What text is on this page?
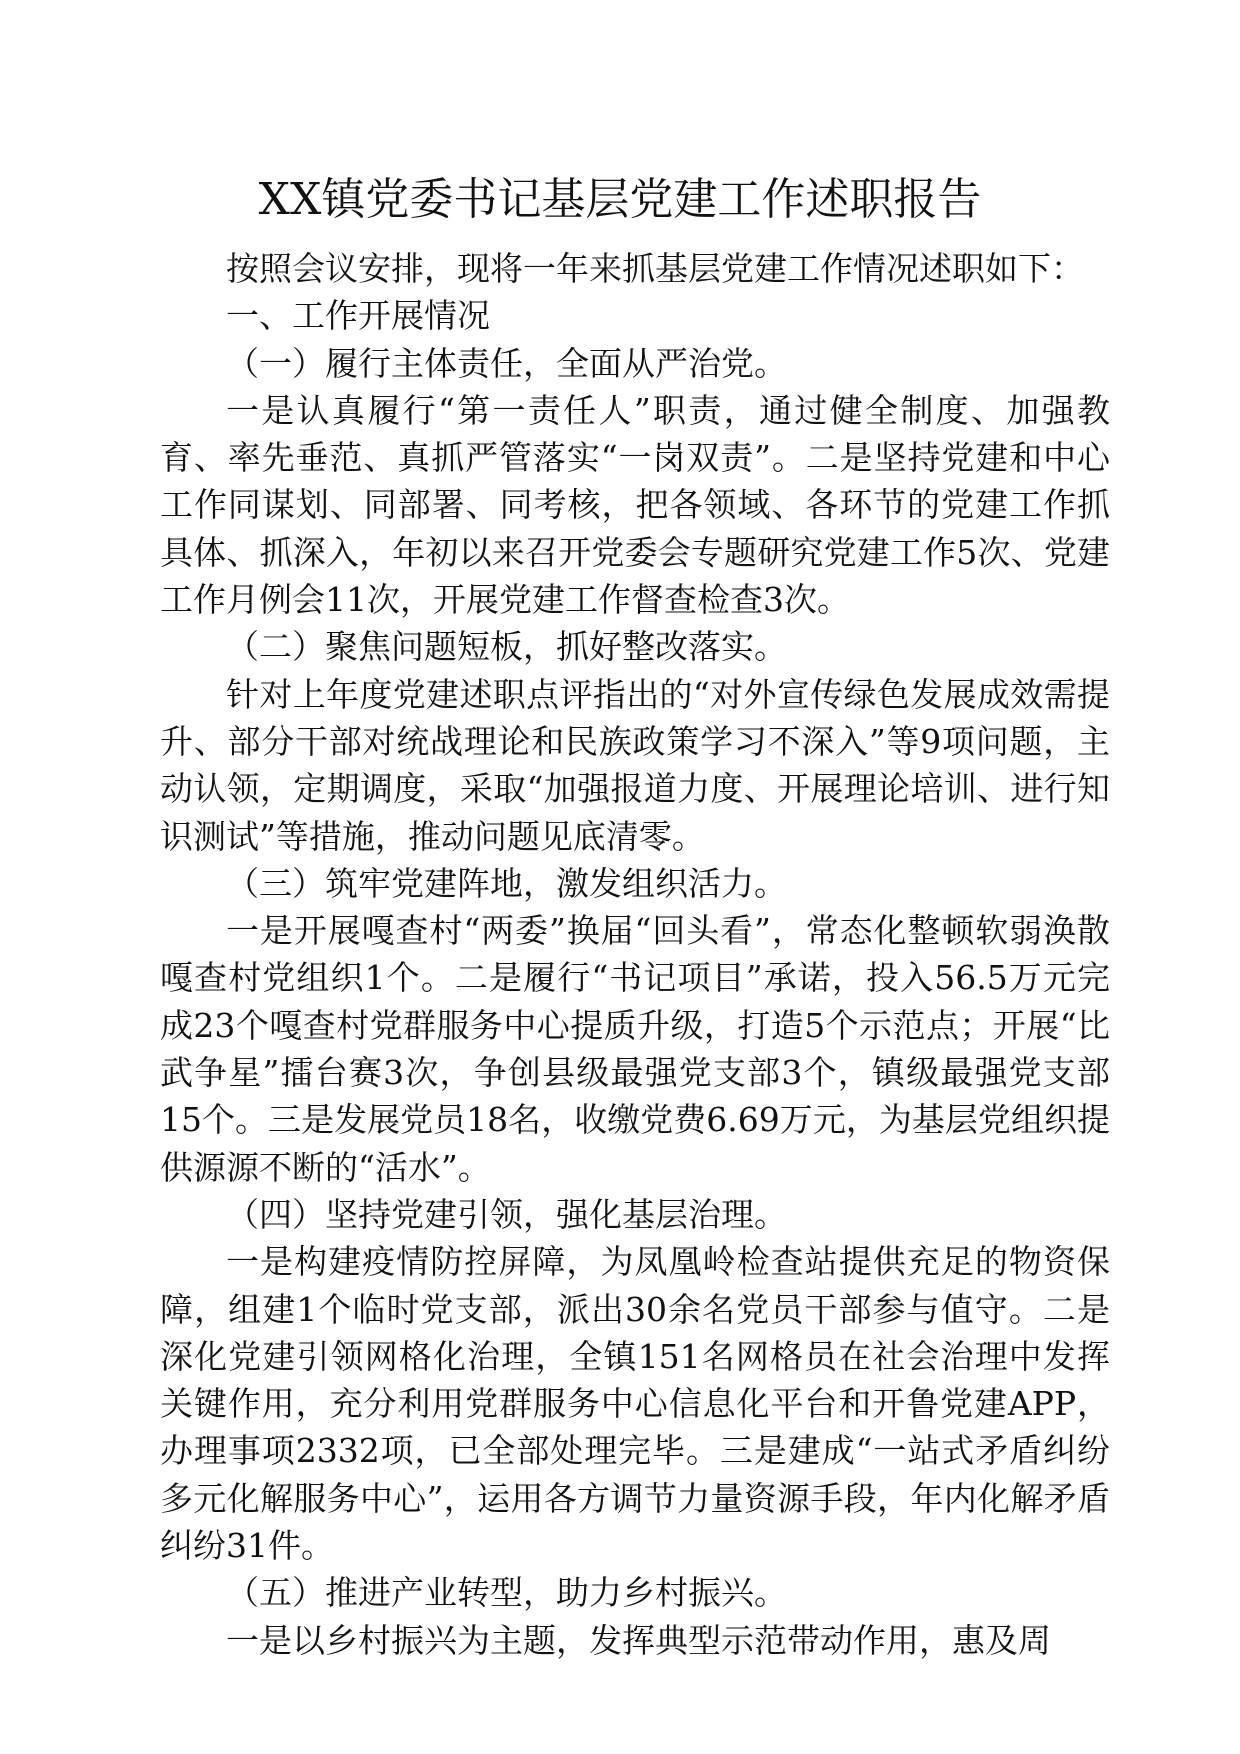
XX镇党委书记基层党建工作述职报告

按照会议安排，现将一年来抓基层党建工作情况述职如下：

一、工作开展情况

（一）履行主体责任，全面从严治党。

一是认真履行“第一责任人”职责，通过健全制度、加强教育、率先垂范、真抓严管落实“一岗双责”。二是坚持党建和中心工作同谋划、同部署、同考核，把各领域、各环节的党建工作抓具体、抓深入，年初以来召开党委会专题研究党建工作5次、党建工作月例会11次，开展党建工作督查检查3次。

（二）聚焦问题短板，抓好整改落实。

针对上年度党建述职点评指出的“对外宣传绿色发展成效需提升、部分干部对统战理论和民族政策学习不深入”等9项问题，主动认领，定期调度，采取“加强报道力度、开展理论培训、进行知识测试”等措施，推动问题见底清零。

（三）筑牢党建阵地，激发组织活力。

一是开展嘎查村“两委”换届“回头看”，常态化整顿软弱涣散嘎查村党组织1个。二是履行“书记项目”承诺，投入56.5万元完成23个嘎查村党群服务中心提质升级，打造5个示范点；开展“比武争星”擂台赛3次，争创县级最强党支部3个，镇级最强党支部15个。三是发展党员18名，收缴党费6.69万元，为基层党组织提供源源不断的“活水”。

（四）坚持党建引领，强化基层治理。

一是构建疫情防控屏障，为凤凰岭检查站提供充足的物资保障，组建1个临时党支部，派出30余名党员干部参与值守。二是深化党建引领网格化治理，全镇151名网格员在社会治理中发挥关键作用，充分利用党群服务中心信息化平台和开鲁党建APP，办理事项2332项，已全部处理完毕。三是建成“一站式矛盾纠纷多元化解服务中心”，运用各方调节力量资源手段，年内化解矛盾纠纷31件。

（五）推进产业转型，助力乡村振兴。

一是以乡村振兴为主题，发挥典型示范带动作用，惠及周
